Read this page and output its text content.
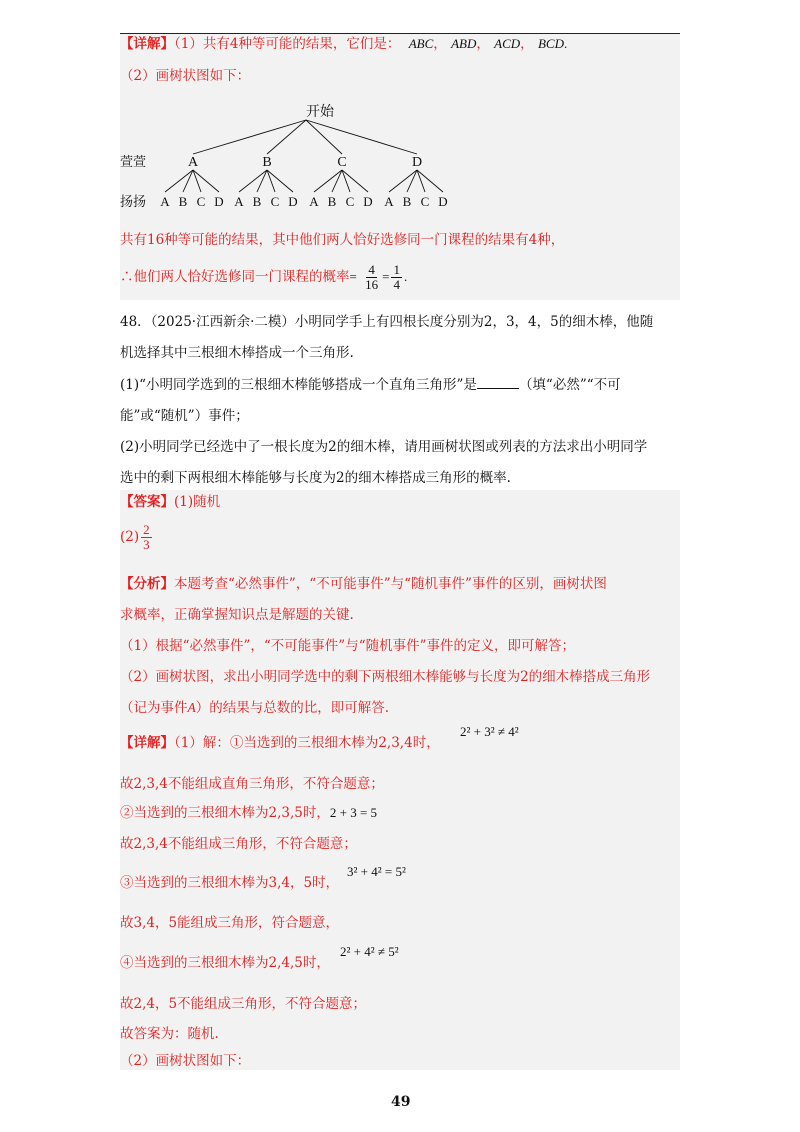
【详解】（1）共有4种等可能的结果，它们是： ABC， ABD， ACD， BCD.
（2）画树状图如下：
开始
萱萱
扬扬
A	B	C	D
A B C D A B C D A B C D A B C D
共有16种等可能的结果，其中他们两人恰好选修同一门课程的结果有4种，
∴他们两人恰好选修同一门课程的概率= $\frac{4}{16} = \frac{1}{4}$ .
48．（2025·江西新余·二模）小明同学手上有四根长度分别为2，3，4，5的细木棒，他随
机选择其中三根细木棒搭成一个三角形.
(1)“小明同学选到的三根细木棒能够搭成一个直角三角形”是	（填“必然”“不可
能”或“随机”）事件；
(2)小明同学已经选中了一根长度为2的细木棒，请用画树状图或列表的方法求出小明同学
选中的剩下两根细木棒能够与长度为2的细木棒搭成三角形的概率.
【答案】(1)随机
$(2) \frac{2}{3}$
【分析】本题考查“必然事件”，“不可能事件”与“随机事件”事件的区别，画树状图
求概率，正确掌握知识点是解题的关键.
（1）根据“必然事件”，“不可能事件”与“随机事件”事件的定义，即可解答；
（2）画树状图，求出小明同学选中的剩下两根细木棒能够与长度为2的细木棒搭成三角形
（记为事件A）的结果与总数的比，即可解答.
【详解】（1）解：①当选到的三根细木棒为2,3,4时，
2² + 3² ≠ 4²
故2,3,4不能组成直角三角形，不符合题意；
②当选到的三根细木棒为2,3,5时，2 + 3 = 5
故2,3,4不能组成三角形，不符合题意；
③当选到的三根细木棒为3,4，5时，
3² + 4² = 5²
故3,4，5能组成三角形，符合题意，
④当选到的三根细木棒为2,4,5时，
2² + 4² ≠ 5²
故2,4，5不能组成三角形，不符合题意；
故答案为：随机.
（2）画树状图如下：
49
